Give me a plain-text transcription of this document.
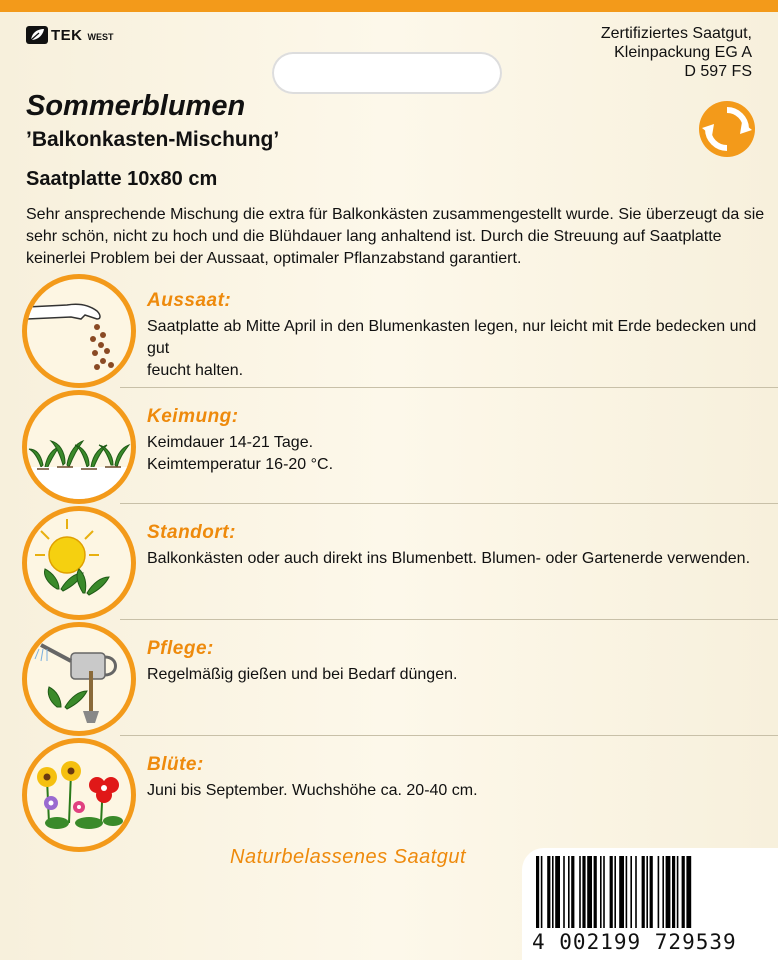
TEK WEST	Zertifiziertes Saatgut,
Kleinpackung EG A
D 597 FS
Sommerblumen
’Balkonkasten-Mischung’
Saatplatte 10x80 cm
Sehr ansprechende Mischung die extra für Balkonkästen zusammengestellt wurde. Sie überzeugt da sie sehr schön, nicht zu hoch und die Blühdauer lang anhaltend ist. Durch die Streuung auf Saatplatte keinerlei Problem bei der Aussaat, optimaler Pflanzabstand garantiert.
Aussaat:
Saatplatte ab Mitte April in den Blumenkasten legen, nur leicht mit Erde bedecken und gut
feucht halten.
Keimung:
Keimdauer 14-21 Tage.
Keimtemperatur 16-20 °C.
Standort:
Balkonkästen oder auch direkt ins Blumenbett. Blumen- oder Gartenerde verwenden.
Pflege:
Regelmäßig gießen und bei Bedarf düngen.
Blüte:
Juni bis September. Wuchshöhe ca. 20-40 cm.
Naturbelassenes Saatgut
4 002199 729539
